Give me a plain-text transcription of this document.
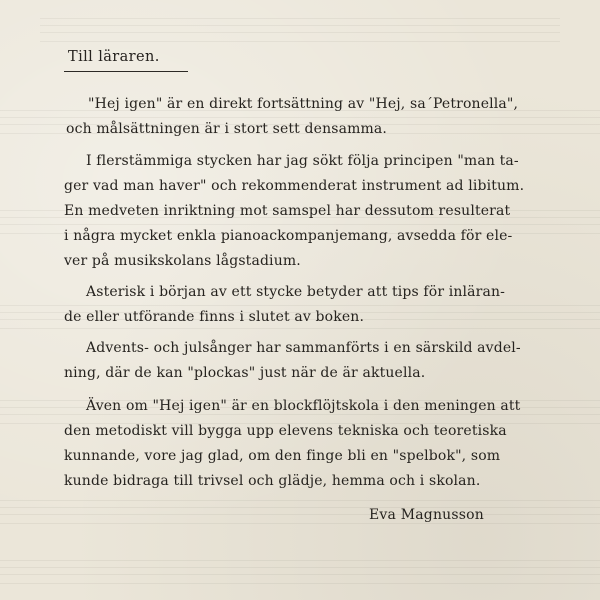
Till läraren.
"Hej igen" är en direkt fortsättning av "Hej, sa´Petronella",
och målsättningen är i stort sett densamma.
I flerstämmiga stycken har jag sökt följa principen "man ta-
ger vad man haver" och rekommenderat instrument ad libitum.
En medveten inriktning mot samspel har dessutom resulterat
i några mycket enkla pianoackompanjemang, avsedda för ele-
ver på musikskolans lågstadium.
Asterisk i början av ett stycke betyder att tips för inläran-
de eller utförande finns i slutet av boken.
Advents- och julsånger har sammanförts i en särskild avdel-
ning, där de kan "plockas" just när de är aktuella.
Även om "Hej igen" är en blockflöjtskola i den meningen att
den metodiskt vill bygga upp elevens tekniska och teoretiska
kunnande, vore jag glad, om den finge bli en "spelbok", som
kunde bidraga till trivsel och glädje, hemma och i skolan.
Eva Magnusson
